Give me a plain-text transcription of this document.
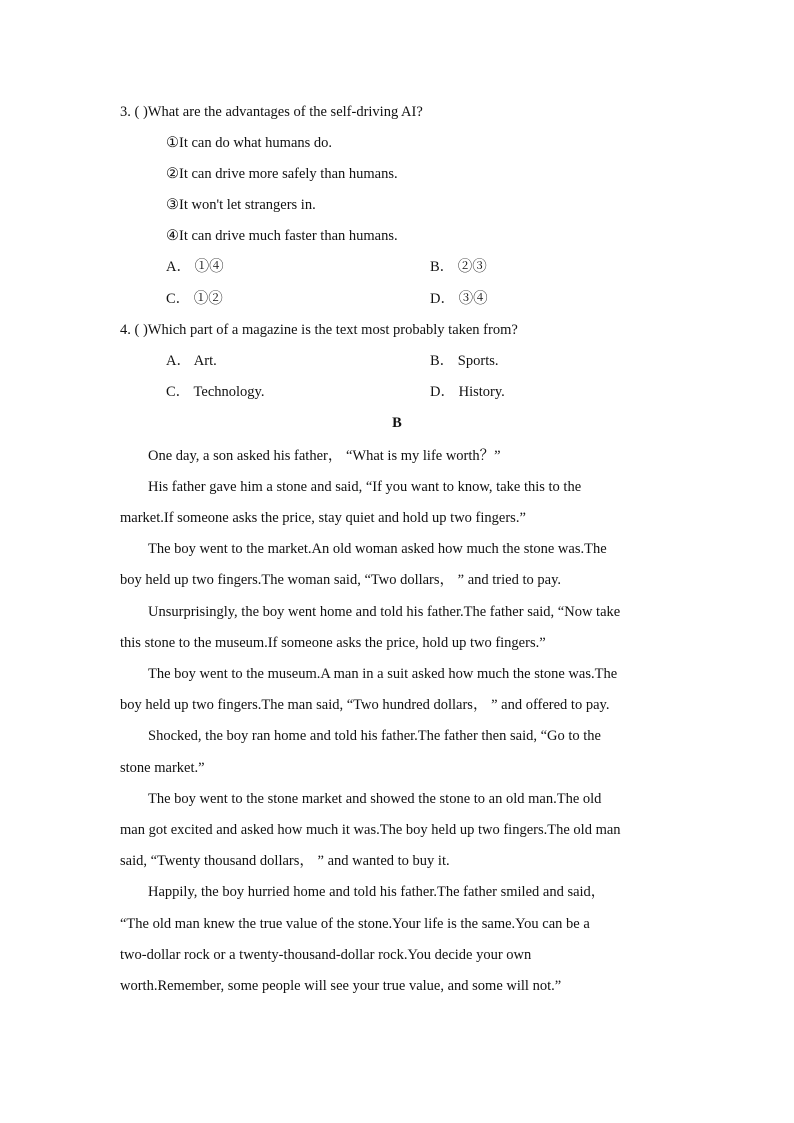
3. ( )What are the advantages of the self-driving AI?
①It can do what humans do.
②It can drive more safely than humans.
③It won't let strangers in.
④It can drive much faster than humans.
A． ①④	B． ②③
C． ①②	D． ③④
4. ( )Which part of a magazine is the text most probably taken from?
A． Art.	B． Sports.
C． Technology.	D． History.
B
One day, a son asked his father， “What is my life worth？”
His father gave him a stone and said, “If you want to know, take this to the
market.If someone asks the price, stay quiet and hold up two fingers.”
The boy went to the market.An old woman asked how much the stone was.The
boy held up two fingers.The woman said, “Two dollars， ” and tried to pay.
Unsurprisingly, the boy went home and told his father.The father said, “Now take
this stone to the museum.If someone asks the price, hold up two fingers.”
The boy went to the museum.A man in a suit asked how much the stone was.The
boy held up two fingers.The man said, “Two hundred dollars， ” and offered to pay.
Shocked, the boy ran home and told his father.The father then said, “Go to the
stone market.”
The boy went to the stone market and showed the stone to an old man.The old
man got excited and asked how much it was.The boy held up two fingers.The old man
said, “Twenty thousand dollars， ” and wanted to buy it.
Happily, the boy hurried home and told his father.The father smiled and said，
“The old man knew the true value of the stone.Your life is the same.You can be a
two-dollar rock or a twenty-thousand-dollar rock.You decide your own
worth.Remember, some people will see your true value, and some will not.”
